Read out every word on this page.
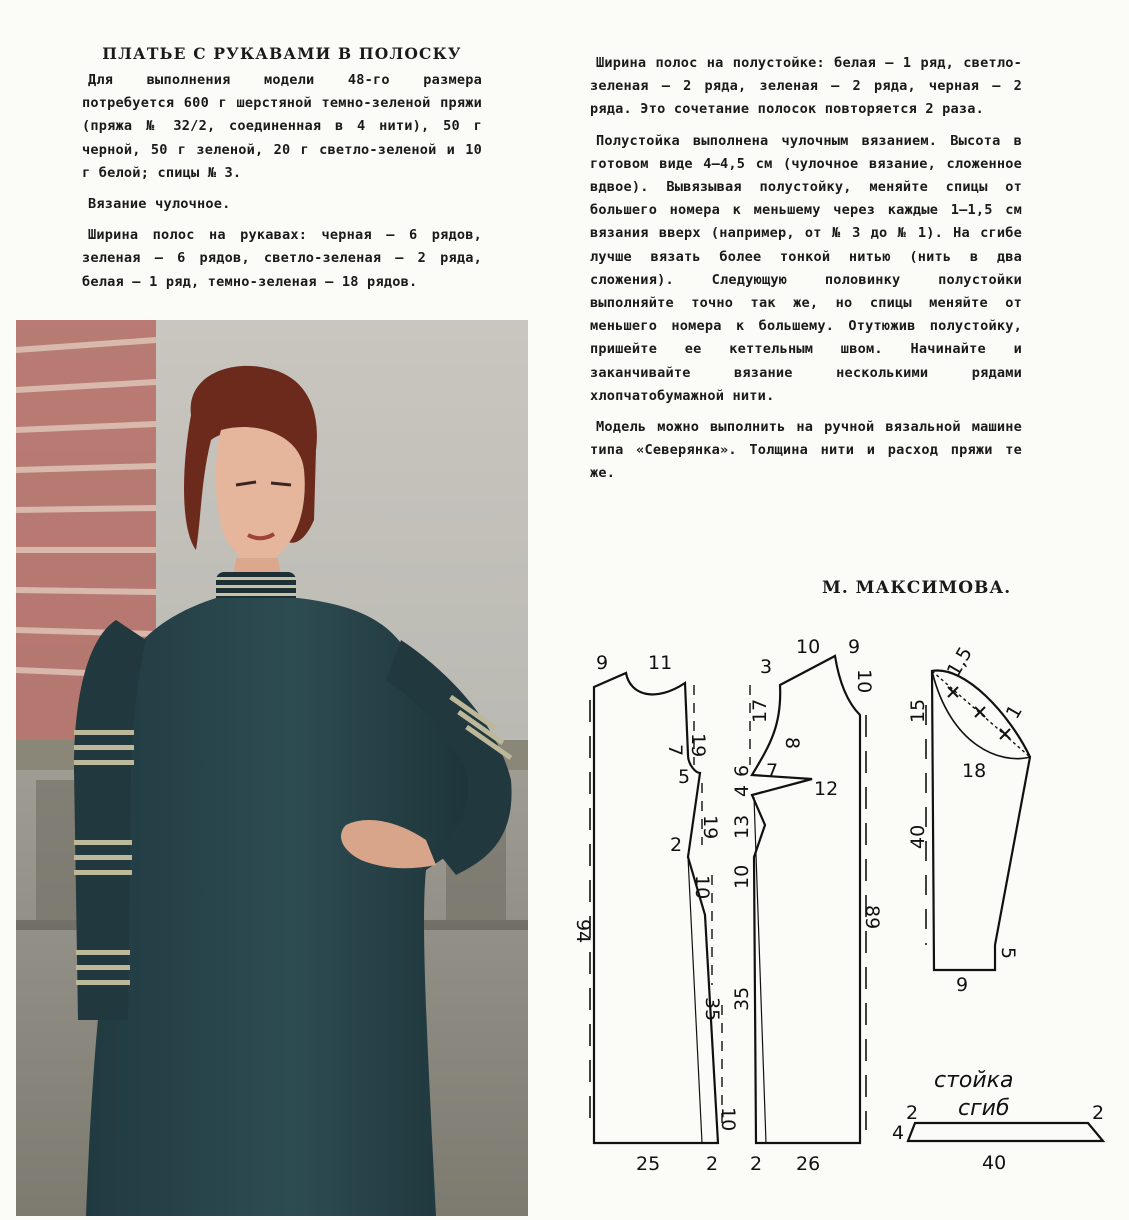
ПЛАТЬЕ С РУКАВАМИ В ПОЛОСКУ

Для выполнения модели 48-го размера потребуется 600 г шерстяной темно-зеленой пряжи (пряжа № 32/2, соединенная в 4 нити), 50 г черной, 50 г зеленой, 20 г светло-зеленой и 10 г белой; спицы № 3.

Вязание чулочное.

Ширина полос на рукавах: черная — 6 рядов, зеленая — 6 рядов, светло-зеленая — 2 ряда, белая — 1 ряд, темно-зеленая — 18 рядов.

Ширина полос на полустойке: белая — 1 ряд, светло-зеленая — 2 ряда, зеленая — 2 ряда, черная — 2 ряда. Это сочетание полосок повторяется 2 раза.

Полустойка выполнена чулочным вязанием. Высота в готовом виде 4–4,5 см (чулочное вязание, сложенное вдвое). Вывязывая полустойку, меняйте спицы от большего номера к меньшему через каждые 1—1,5 см вязания вверх (например, от № 3 до № 1). На сгибе лучше вязать более тонкой нитью (нить в два сложения). Следующую половинку полустойки выполняйте точно так же, но спицы меняйте от меньшего номера к большему. Отутюжив полустойку, пришейте ее кеттельным швом. Начинайте и заканчивайте вязание несколькими рядами хлопчатобумажной нити.

Модель можно выполнить на ручной вязальной машине типа «Северянка». Толщина нити и расход пряжи те же.

М. МАКСИМОВА.
9 11
19
7
5
2
19
10
94
35
10
25 2
3
10 9
10
17
8
7
12
6
4
13
10
89
35
2 26
1,5
1
15
18
40
5
9
стойка
сгиб
2	2
4
40
